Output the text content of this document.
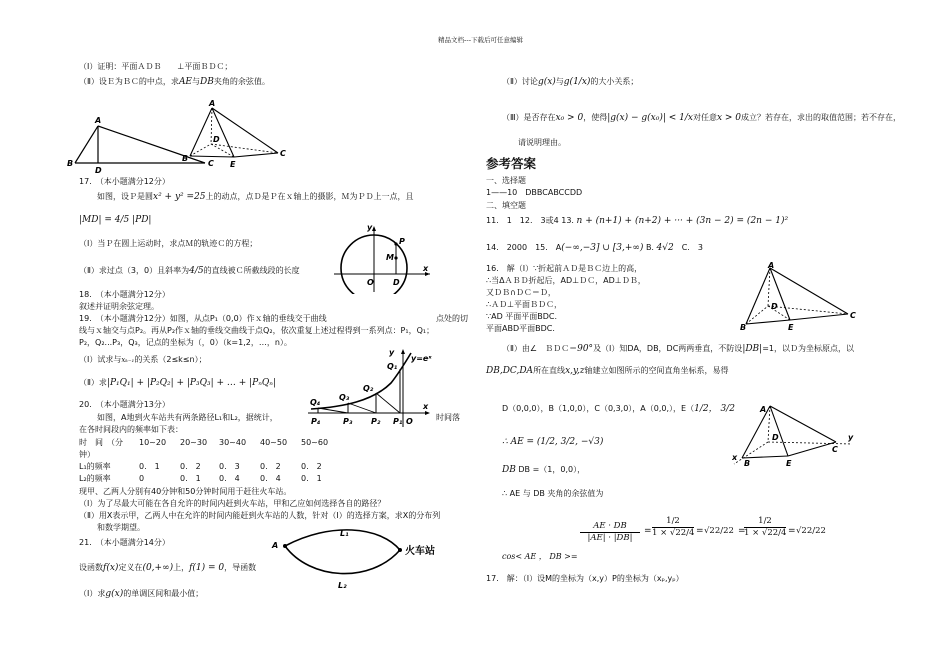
精品文档---下载后可任意编辑
（Ⅰ）证明：平面ＡＤＢ　　⊥平面ＢＤＣ；
（Ⅱ）设Ｅ为ＢＣ的中点，求AE与DB夹角的余弦值。
A
B
D
C
A
B
D
E
C
17.　（本小题满分12分）
如图，设Ｐ是圆x² + y² =25上的动点，点Ｄ是Ｐ在ｘ轴上的摄影，Ｍ为ＰＤ上一点，且
|MD| = 4/5 |PD|
（Ⅰ）当Ｐ在圆上运动时，求点Ｍ的轨迹Ｃ的方程；
（Ⅱ）求过点（3，0）且斜率为4/5的直线被Ｃ所截线段的长度
y
P
M
O D
x
18.　（本小题满分12分）
叙述并证明余弦定理。
19.　（本小题满分12分）如图，从点P₁（0,0）作ｘ轴的垂线交于曲线	点处的切
线与ｘ轴交与点P₂。再从P₂作ｘ轴的垂线交曲线于点Q₂，依次重复上述过程得到一系列点：P₁，Q₁；
P₂，Q₂...P₃，Q₃，记点的坐标为（，0）（k=1,2，…，n）。
（Ⅰ）试求与xₖ₋₁的关系（2≤k≤n）；
（Ⅱ）求|P₁Q₁| + |P₂Q₂| + |P₃Q₃| + … + |PₙQₙ|
y
y=eˣ
Q₄
Q₃
Q₂
Q₁
P₄	P₃ P₂ P₁ O
x
20.　（本小题满分13分）
如图，A地到火车站共有两条路径L₁和L₂，据统计，	时间落
在各时间段内的频率如下表：
时　间　（分 10~20 20~30 30~40 40~50 50~60
钟）
L₁的频率	0.　1	0.　2 0.　3	0.　2	0.　2
L₂的频率	0	0.　1 0.　4	0.　4	0.　1
现甲、乙两人分别有40分钟和50分钟时间用于赶往火车站。
（Ⅰ）为了尽最大可能在各自允许的时间内赶到火车站，甲和乙应如何选择各自的路径？
（Ⅱ）用X表示甲，乙两人中在允许的时间内能赶到火车站的人数，针对（Ⅰ）的选择方案，求X的分布列
和数学期望。
A
L₁
火车站
L₂
21.　（本小题满分14分）
设函数f(x)定义在(0,+∞)上，f(1) = 0，导函数
（Ⅰ）求g(x)的单调区间和最小值；
（Ⅱ）讨论g(x)与g(1/x)的大小关系；
（Ⅲ）是否存在x₀ > 0，使得|g(x) − g(x₀)| < 1/x对任意x > 0成立？若存在，求出的取值范围；若不存在，
请说明理由。
参考答案
一、选择题
1——10　DBBCABCCDD
二、填空题
11.　1　12.　3或4 13. n + (n+1) + (n+2) + ··· + (3n − 2) = (2n − 1)²
14.　2000　15.　A(−∞,−3] ∪ [3,+∞) B. 4√2　 C.　3
16.　解（Ⅰ）∵折起前ＡＤ是ＢＣ边上的高，
∴当ΔＡＢＤ折起后，AD⊥ＤＣ，AD⊥ＤＢ，
又ＤＢ∩ＤＣ＝Ｄ，
∴ＡＤ⊥平面ＢＤＣ，
∵AD 平面平面BDC.
平面ABD平面BDC.
A
D
B	E
C
（Ⅱ）由∠　ＢＤＣ＝90°及（Ⅰ）知DA，DB，DC两两垂直，不防设|DB|=1，以Ｄ为坐标原点，以
DB,DC,DA所在直线x,y,z轴建立如图所示的空间直角坐标系，易得
D（0,0,0），B（1,0,0），C（0,3,0），A（0,0,），E（1/2， 3/2
∴ AE = (1/2, 3/2, −√3)
DB DB =（1，0,0），
A
D
B	E
C
x
y
∴ AE 与 DB 夹角的余弦值为
cos< AE ， DB >=
AE · DB
|AE| · |DB|
=
1/2
1 × √22/4 = √22/22 =
1/2
1 × √22/4 = √22/22
17.　解：（Ⅰ）设M的坐标为（x,y）P的坐标为（xₚ,yₚ）
